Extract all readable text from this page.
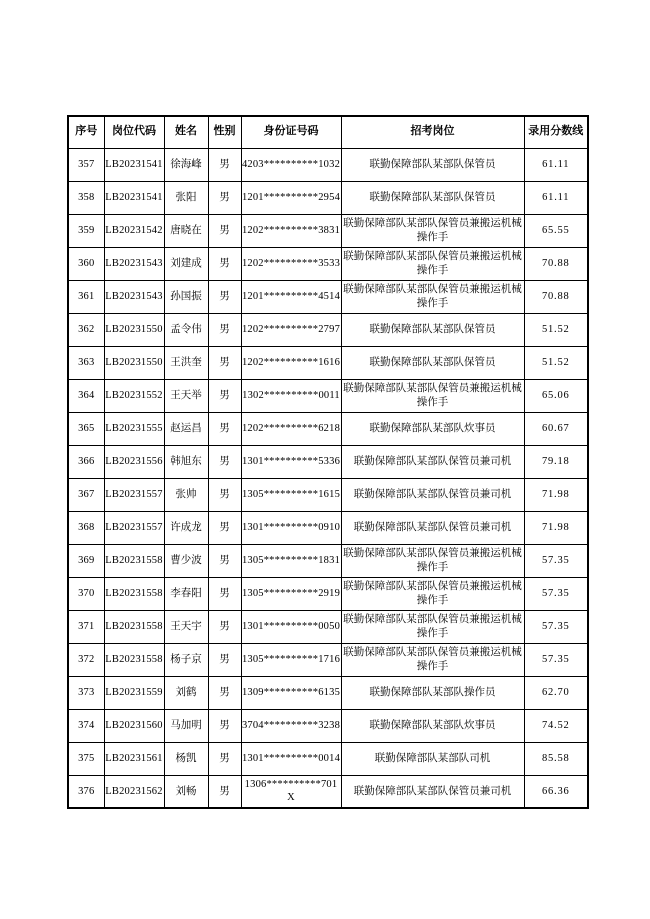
序号	岗位代码	姓名	性别	身份证号码	招考岗位	录用分数线
357	LB20231541	徐海峰	男	4203**********1032	联勤保障部队某部队保管员	61.11
358	LB20231541	张阳	男	1201**********2954	联勤保障部队某部队保管员	61.11
359	LB20231542	唐晓在	男	1202**********3831	联勤保障部队某部队保管员兼搬运机械操作手	65.55
360	LB20231543	刘建成	男	1202**********3533	联勤保障部队某部队保管员兼搬运机械操作手	70.88
361	LB20231543	孙国振	男	1201**********4514	联勤保障部队某部队保管员兼搬运机械操作手	70.88
362	LB20231550	孟令伟	男	1202**********2797	联勤保障部队某部队保管员	51.52
363	LB20231550	王洪奎	男	1202**********1616	联勤保障部队某部队保管员	51.52
364	LB20231552	王天举	男	1302**********0011	联勤保障部队某部队保管员兼搬运机械操作手	65.06
365	LB20231555	赵运昌	男	1202**********6218	联勤保障部队某部队炊事员	60.67
366	LB20231556	韩旭东	男	1301**********5336	联勤保障部队某部队保管员兼司机	79.18
367	LB20231557	张帅	男	1305**********1615	联勤保障部队某部队保管员兼司机	71.98
368	LB20231557	许成龙	男	1301**********0910	联勤保障部队某部队保管员兼司机	71.98
369	LB20231558	曹少波	男	1305**********1831	联勤保障部队某部队保管员兼搬运机械操作手	57.35
370	LB20231558	李春阳	男	1305**********2919	联勤保障部队某部队保管员兼搬运机械操作手	57.35
371	LB20231558	王天宇	男	1301**********0050	联勤保障部队某部队保管员兼搬运机械操作手	57.35
372	LB20231558	杨子京	男	1305**********1716	联勤保障部队某部队保管员兼搬运机械操作手	57.35
373	LB20231559	刘鹤	男	1309**********6135	联勤保障部队某部队操作员	62.70
374	LB20231560	马加明	男	3704**********3238	联勤保障部队某部队炊事员	74.52
375	LB20231561	杨凯	男	1301**********0014	联勤保障部队某部队司机	85.58
376	LB20231562	刘畅	男	1306**********701X	联勤保障部队某部队保管员兼司机	66.36
